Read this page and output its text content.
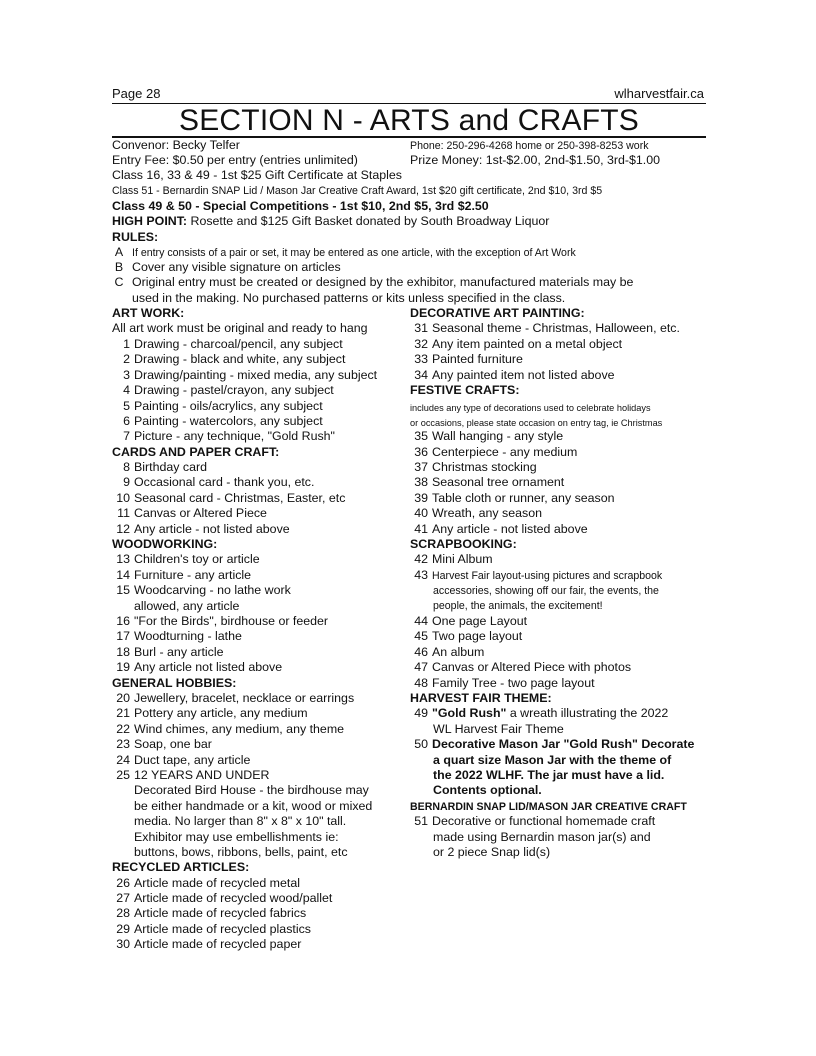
Page 28	wlharvestfair.ca
SECTION N - ARTS and CRAFTS
Convenor: Becky Telfer	Phone: 250-296-4268 home or 250-398-8253 work
Entry Fee: $0.50 per entry (entries unlimited)	Prize Money: 1st-$2.00, 2nd-$1.50, 3rd-$1.00
Class 16, 33 & 49 - 1st $25 Gift Certificate at Staples
Class 51 - Bernardin SNAP Lid / Mason Jar Creative Craft Award, 1st $20 gift certificate, 2nd $10, 3rd $5
Class 49 & 50 - Special Competitions - 1st $10, 2nd $5, 3rd $2.50
HIGH POINT: Rosette and $125 Gift Basket donated by South Broadway Liquor
RULES:
A If entry consists of a pair or set, it may be entered as one article, with the exception of Art Work
B Cover any visible signature on articles
C Original entry must be created or designed by the exhibitor, manufactured materials may be
used in the making. No purchased patterns or kits unless specified in the class.
ART WORK:
All art work must be original and ready to hang
1 Drawing - charcoal/pencil, any subject
2 Drawing - black and white, any subject
3 Drawing/painting - mixed media, any subject
4 Drawing - pastel/crayon, any subject
5 Painting - oils/acrylics, any subject
6 Painting - watercolors, any subject
7 Picture - any technique, "Gold Rush"
CARDS AND PAPER CRAFT:
8 Birthday card
9 Occasional card - thank you, etc.
10 Seasonal card - Christmas, Easter, etc
11 Canvas or Altered Piece
12 Any article - not listed above
WOODWORKING:
13 Children's toy or article
14 Furniture - any article
15 Woodcarving - no lathe work
allowed, any article
16 "For the Birds", birdhouse or feeder
17 Woodturning - lathe
18 Burl - any article
19 Any article not listed above
GENERAL HOBBIES:
20 Jewellery, bracelet, necklace or earrings
21 Pottery any article, any medium
22 Wind chimes, any medium, any theme
23 Soap, one bar
24 Duct tape, any article
25 12 YEARS AND UNDER
Decorated Bird House - the birdhouse may
be either handmade or a kit, wood or mixed
media. No larger than 8" x 8" x 10" tall.
Exhibitor may use embellishments ie:
buttons, bows, ribbons, bells, paint, etc
RECYCLED ARTICLES:
26 Article made of recycled metal
27 Article made of recycled wood/pallet
28 Article made of recycled fabrics
29 Article made of recycled plastics
30 Article made of recycled paper
DECORATIVE ART PAINTING:
31 Seasonal theme - Christmas, Halloween, etc.
32 Any item painted on a metal object
33 Painted furniture
34 Any painted item not listed above
FESTIVE CRAFTS:
includes any type of decorations used to celebrate holidays
or occasions, please state occasion on entry tag, ie Christmas
35 Wall hanging - any style
36 Centerpiece - any medium
37 Christmas stocking
38 Seasonal tree ornament
39 Table cloth or runner, any season
40 Wreath, any season
41 Any article - not listed above
SCRAPBOOKING:
42 Mini Album
43 Harvest Fair layout-using pictures and scrapbook
accessories, showing off our fair, the events, the
people, the animals, the excitement!
44 One page Layout
45 Two page layout
46 An album
47 Canvas or Altered Piece with photos
48 Family Tree - two page layout
HARVEST FAIR THEME:
49 "Gold Rush" a wreath illustrating the 2022
WL Harvest Fair Theme
50 Decorative Mason Jar "Gold Rush" Decorate
a quart size Mason Jar with the theme of
the 2022 WLHF. The jar must have a lid.
Contents optional.
BERNARDIN SNAP LID/MASON JAR CREATIVE CRAFT
51 Decorative or functional homemade craft
made using Bernardin mason jar(s) and
or 2 piece Snap lid(s)
